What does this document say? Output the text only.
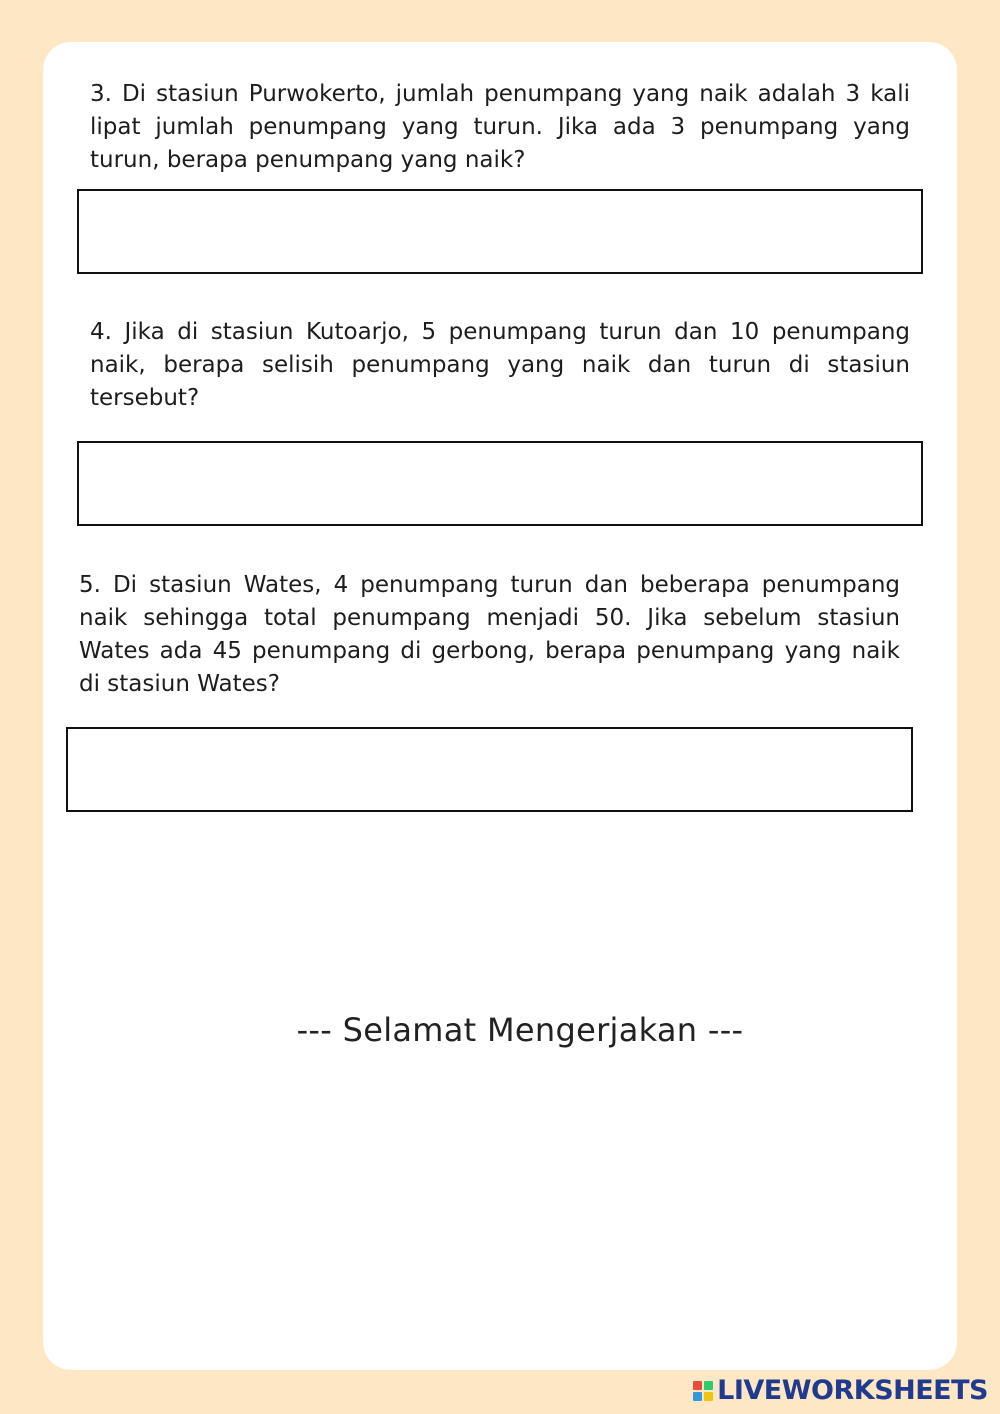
3. Di stasiun Purwokerto, jumlah penumpang yang naik adalah 3 kali lipat jumlah penumpang yang turun. Jika ada 3 penumpang yang turun, berapa penumpang yang naik?

4. Jika di stasiun Kutoarjo, 5 penumpang turun dan 10 penumpang naik, berapa selisih penumpang yang naik dan turun di stasiun tersebut?

5. Di stasiun Wates, 4 penumpang turun dan beberapa penumpang naik sehingga total penumpang menjadi 50. Jika sebelum stasiun Wates ada 45 penumpang di gerbong, berapa penumpang yang naik di stasiun Wates?

--- Selamat Mengerjakan ---

LIVEWORKSHEETS
